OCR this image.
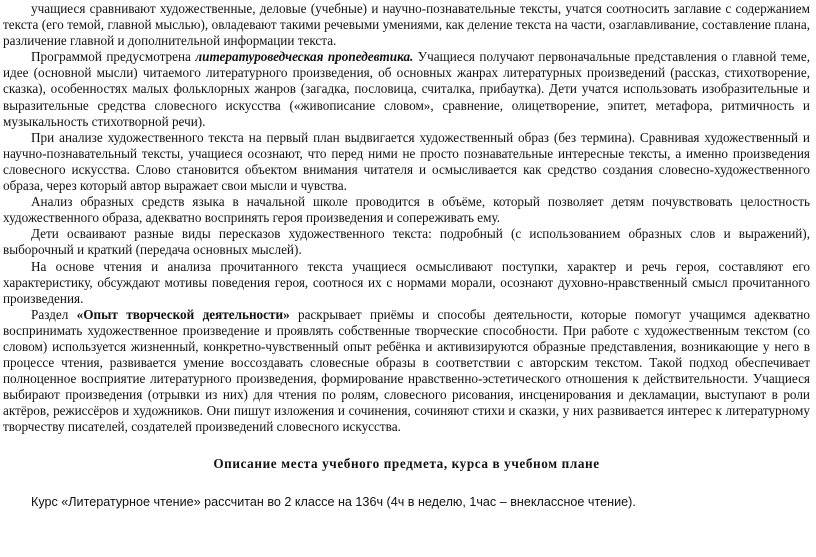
учащиеся сравнивают художественные, деловые (учебные) и научно-познавательные тексты, учатся соотносить заглавие с содержанием текста (его темой, главной мыслью), овладевают такими речевыми умениями, как деление текста на части, озаглавливание, составление плана, различение главной и дополнительной информации текста.

Программой предусмотрена литературоведческая пропедевтика. Учащиеся получают первоначальные представления о главной теме, идее (основной мысли) читаемого литературного произведения, об основных жанрах литературных произведений (рассказ, стихотворение, сказка), особенностях малых фольклорных жанров (загадка, пословица, считалка, прибаутка). Дети учатся использовать изобразительные и выразительные средства словесного искусства («живописание словом», сравнение, олицетворение, эпитет, метафора, ритмичность и музыкальность стихотворной речи).

При анализе художественного текста на первый план выдвигается художественный образ (без термина). Сравнивая художественный и научно-познавательный тексты, учащиеся осознают, что перед ними не просто познавательные интересные тексты, а именно произведения словесного искусства. Слово становится объектом внимания читателя и осмысливается как средство создания словесно-художественного образа, через который автор выражает свои мысли и чувства.

Анализ образных средств языка в начальной школе проводится в объёме, который позволяет детям почувствовать целостность художественного образа, адекватно воспринять героя произведения и сопереживать ему.

Дети осваивают разные виды пересказов художественного текста: подробный (с использованием образных слов и выражений), выборочный и краткий (передача основных мыслей).

На основе чтения и анализа прочитанного текста учащиеся осмысливают поступки, характер и речь героя, составляют его характеристику, обсуждают мотивы поведения героя, соотнося их с нормами морали, осознают духовно-нравственный смысл прочитанного произведения.

Раздел «Опыт творческой деятельности» раскрывает приёмы и способы деятельности, которые помогут учащимся адекватно воспринимать художественное произведение и проявлять собственные творческие способности. При работе с художественным текстом (со словом) используется жизненный, конкретно-чувственный опыт ребёнка и активизируются образные представления, возникающие у него в процессе чтения, развивается умение воссоздавать словесные образы в соответствии с авторским текстом. Такой подход обеспечивает полноценное восприятие литературного произведения, формирование нравственно-эстетического отношения к действительности. Учащиеся выбирают произведения (отрывки из них) для чтения по ролям, словесного рисования, инсценирования и декламации, выступают в роли актёров, режиссёров и художников. Они пишут изложения и сочинения, сочиняют стихи и сказки, у них развивается интерес к литературному творчеству писателей, создателей произведений словесного искусства.

Описание места учебного предмета, курса в учебном плане

Курс «Литературное чтение» рассчитан во 2 классе на 136ч (4ч в неделю, 1час – внеклассное чтение).
